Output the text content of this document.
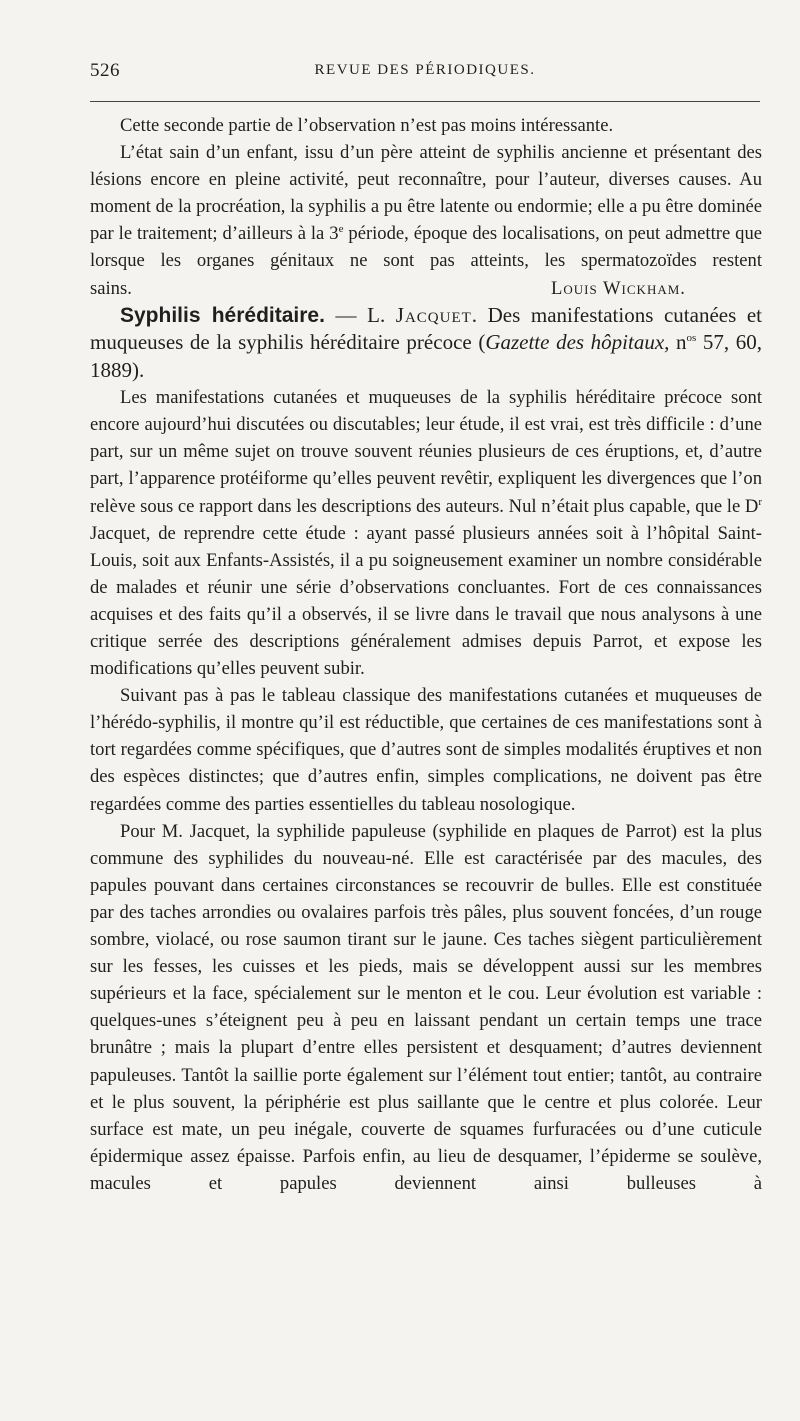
526	REVUE DES PÉRIODIQUES.

Cette seconde partie de l’observation n’est pas moins intéressante.

L’état sain d’un enfant, issu d’un père atteint de syphilis ancienne et présentant des lésions encore en pleine activité, peut reconnaître, pour l’auteur, diverses causes. Au moment de la procréation, la syphilis a pu être latente ou endormie; elle a pu être dominée par le traitement; d’ailleurs à la 3e période, époque des localisations, on peut admettre que lorsque les organes génitaux ne sont pas atteints, les spermatozoïdes restent

sains.	Louis Wickham.

Syphilis héréditaire. — L. Jacquet. Des manifestations cutanées et muqueuses de la syphilis héréditaire précoce (Gazette des hôpitaux, $n^{os}$ 57, 60, 1889).

Les manifestations cutanées et muqueuses de la syphilis héréditaire précoce sont encore aujourd’hui discutées ou discutables; leur étude, il est vrai, est très difficile : d’une part, sur un même sujet on trouve souvent réunies plusieurs de ces éruptions, et, d’autre part, l’apparence protéiforme qu’elles peuvent revêtir, expliquent les divergences que l’on relève sous ce rapport dans les descriptions des auteurs. Nul n’était plus capable, que le $D^r$ Jacquet, de reprendre cette étude : ayant passé plusieurs années soit à l’hôpital Saint-Louis, soit aux Enfants-Assistés, il a pu soigneusement examiner un nombre considérable de malades et réunir une série d’observations concluantes. Fort de ces connaissances acquises et des faits qu’il a observés, il se livre dans le travail que nous analysons à une critique serrée des descriptions généralement admises depuis Parrot, et expose les modifications qu’elles peuvent subir.

Suivant pas à pas le tableau classique des manifestations cutanées et muqueuses de l’hérédo-syphilis, il montre qu’il est réductible, que certaines de ces manifestations sont à tort regardées comme spécifiques, que d’autres sont de simples modalités éruptives et non des espèces distinctes; que d’autres enfin, simples complications, ne doivent pas être regardées comme des parties essentielles du tableau nosologique.

Pour M. Jacquet, la syphilide papuleuse (syphilide en plaques de Parrot) est la plus commune des syphilides du nouveau-né. Elle est caractérisée par des macules, des papules pouvant dans certaines circonstances se recouvrir de bulles. Elle est constituée par des taches arrondies ou ovalaires parfois très pâles, plus souvent foncées, d’un rouge sombre, violacé, ou rose saumon tirant sur le jaune. Ces taches siègent particulièrement sur les fesses, les cuisses et les pieds, mais se développent aussi sur les membres supérieurs et la face, spécialement sur le menton et le cou. Leur évolution est variable : quelques-unes s’éteignent peu à peu en laissant pendant un certain temps une trace brunâtre ; mais la plupart d’entre elles persistent et desquament; d’autres deviennent papuleuses. Tantôt la saillie porte également sur l’élément tout entier; tantôt, au contraire et le plus souvent, la périphérie est plus saillante que le centre et plus colorée. Leur surface est mate, un peu inégale, couverte de squames furfuracées ou d’une cuticule épidermique assez épaisse. Parfois enfin, au lieu de desquamer, l’épiderme se soulève, macules et papules deviennent ainsi bulleuses à
